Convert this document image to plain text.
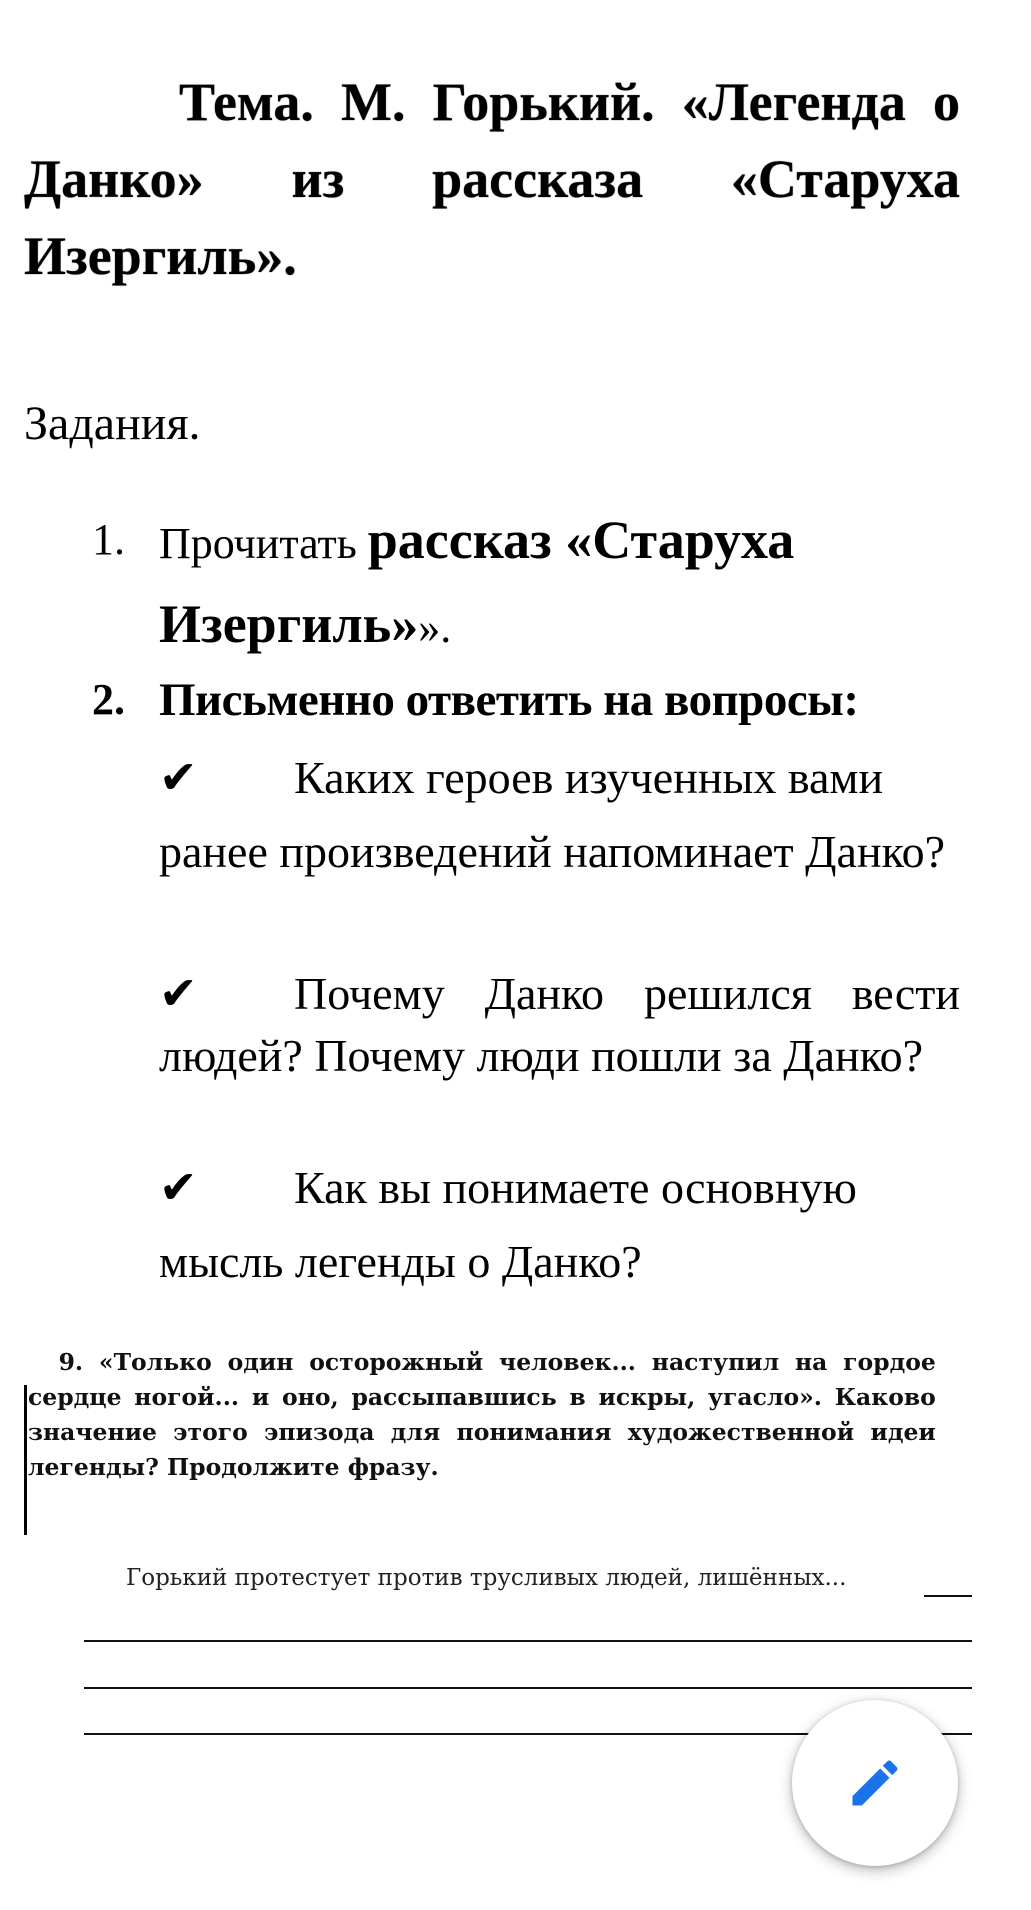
Тема. М. Горький. «Легенда о Данко» из рассказа «Старуха Изергиль».

Задания.

1. Прочитать рассказ «Старуха Изергиль»».
2. Письменно ответить на вопросы:
✔ Каких героев изученных вами ранее произведений напоминает Данко?
✔ Почему Данко решился вести людей? Почему люди пошли за Данко?
✔ Как вы понимаете основную мысль легенды о Данко?
9. «Только один осторожный человек... наступил на гордое сердце ногой... и оно, рассыпавшись в искры, угасло». Каково значение этого эпизода для понимания художественной идеи легенды? Продолжите фразу.
Горький протестует против трусливых людей, лишённых...
